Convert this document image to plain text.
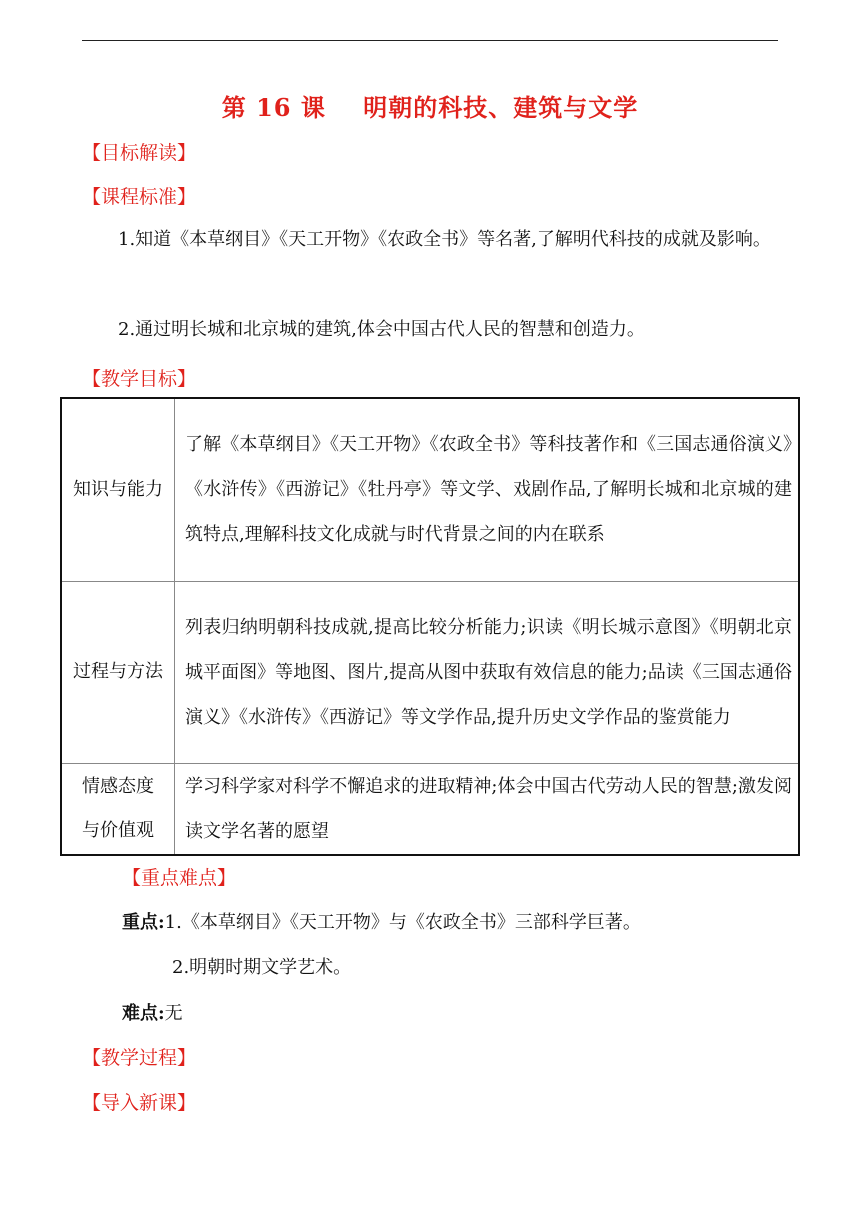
第 16 课    明朝的科技、建筑与文学
【目标解读】
【课程标准】
1.知道《本草纲目》《天工开物》《农政全书》等名著,了解明代科技的成就及影响。
2.通过明长城和北京城的建筑,体会中国古代人民的智慧和创造力。
【教学目标】
知识与能力	了解《本草纲目》《天工开物》《农政全书》等科技著作和《三国志通俗演义》《水浒传》《西游记》《牡丹亭》等文学、戏剧作品,了解明长城和北京城的建筑特点,理解科技文化成就与时代背景之间的内在联系
过程与方法	列表归纳明朝科技成就,提高比较分析能力;识读《明长城示意图》《明朝北京城平面图》等地图、图片,提高从图中获取有效信息的能力;品读《三国志通俗演义》《水浒传》《西游记》等文学作品,提升历史文学作品的鉴赏能力
情感态度
与价值观	学习科学家对科学不懈追求的进取精神;体会中国古代劳动人民的智慧;激发阅读文学名著的愿望
【重点难点】
重点:1.《本草纲目》《天工开物》与《农政全书》三部科学巨著。
2.明朝时期文学艺术。
难点:无
【教学过程】
【导入新课】
